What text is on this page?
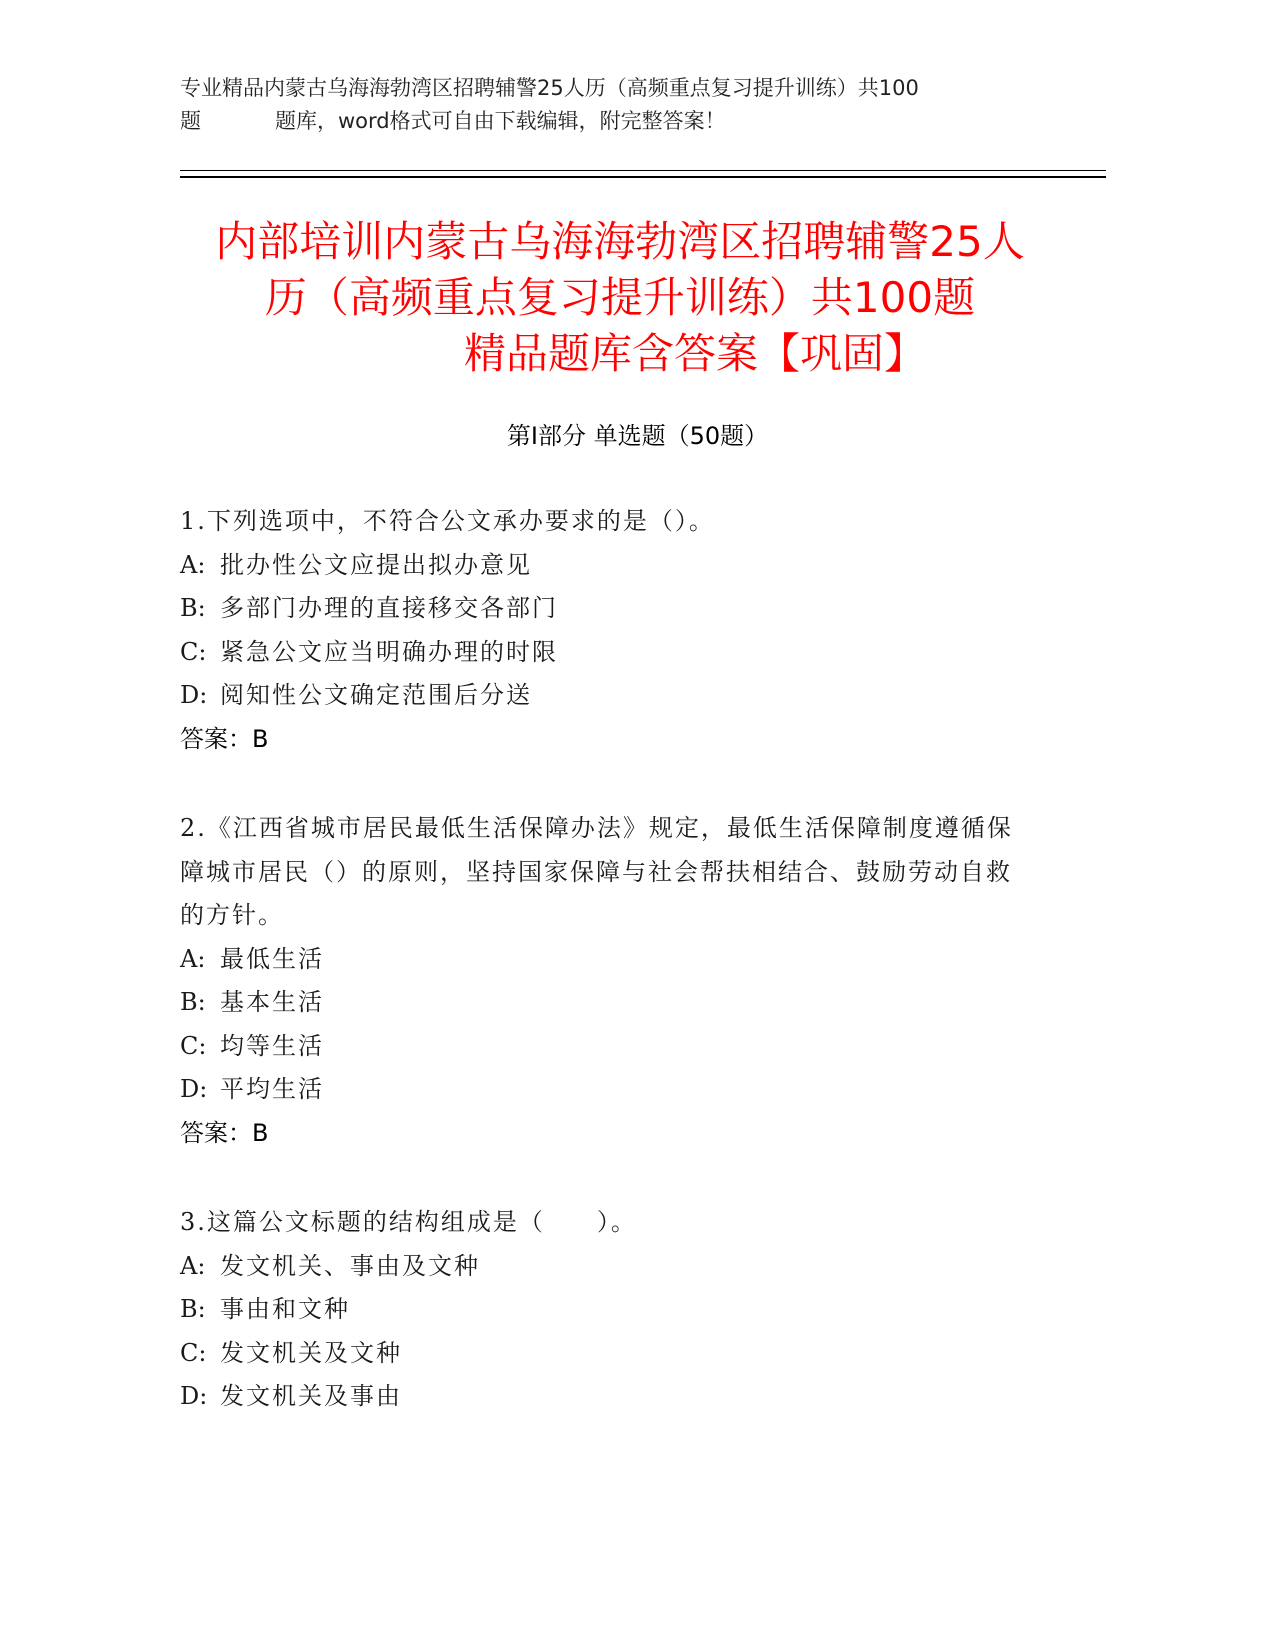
专业精品内蒙古乌海海勃湾区招聘辅警25人历（高频重点复习提升训练）共100
题	题库，word格式可自由下载编辑，附完整答案！
内部培训内蒙古乌海海勃湾区招聘辅警25人
历（高频重点复习提升训练）共100题
精品题库含答案【巩固】
第Ⅰ部分 单选题（50题）

1.下列选项中，不符合公文承办要求的是（）。

A: 批办性公文应提出拟办意见

B: 多部门办理的直接移交各部门

C: 紧急公文应当明确办理的时限

D: 阅知性公文确定范围后分送

答案：B

2.《江西省城市居民最低生活保障办法》规定，最低生活保障制度遵循保障城市居民（）的原则，坚持国家保障与社会帮扶相结合、鼓励劳动自救的方针。

A: 最低生活

B: 基本生活

C: 均等生活

D: 平均生活

答案：B

3.这篇公文标题的结构组成是（　　）。

A: 发文机关、事由及文种

B: 事由和文种

C: 发文机关及文种

D: 发文机关及事由
